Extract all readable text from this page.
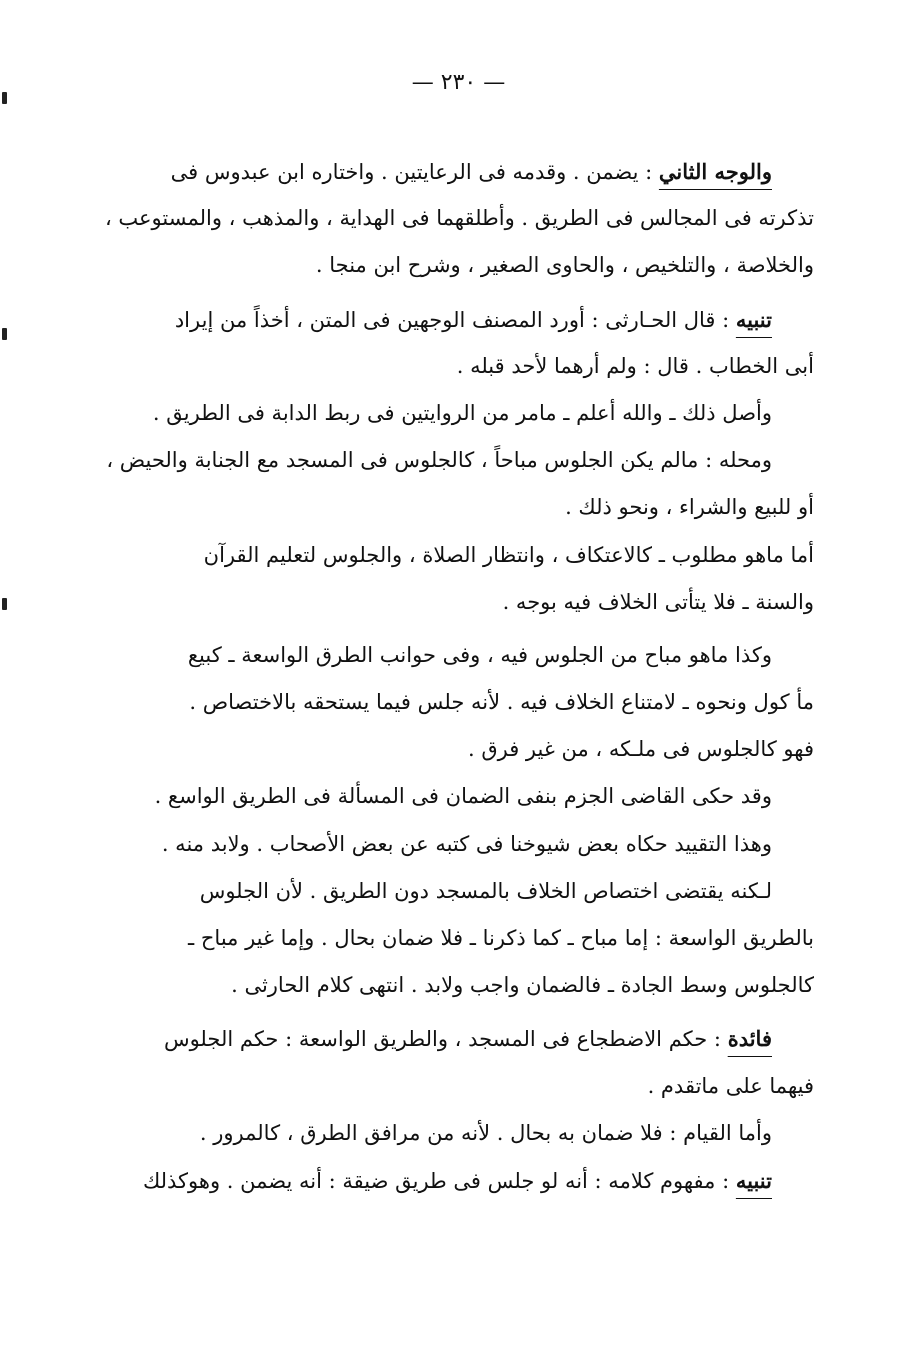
— ٢٣٠ —
والوجه الثاني : يضمن . وقدمه فى الرعايتين . واختاره ابن عبدوس فى
تذكرته فى المجالس فى الطريق . وأطلقهما فى الهداية ، والمذهب ، والمستوعب ،
والخلاصة ، والتلخيص ، والحاوى الصغير ، وشرح ابن منجا .
تنبيه : قال الحـارثى : أورد المصنف الوجهين فى المتن ، أخذاً من إيراد
أبى الخطاب . قال : ولم أرهما لأحد قبله .
وأصل ذلك ـ والله أعلم ـ مامر من الروايتين فى ربط الدابة فى الطريق .
ومحله : مالم يكن الجلوس مباحاً ، كالجلوس فى المسجد مع الجنابة والحيض ،
أو للبيع والشراء ، ونحو ذلك .
أما ماهو مطلوب ـ كالاعتكاف ، وانتظار الصلاة ، والجلوس لتعليم القرآن
والسنة ـ فلا يتأتى الخلاف فيه بوجه .
وكذا ماهو مباح من الجلوس فيه ، وفى حوانب الطرق الواسعة ـ كبيع
مأ كول ونحوه ـ لامتناع الخلاف فيه . لأنه جلس فيما يستحقه بالاختصاص .
فهو كالجلوس فى ملـكه ، من غير فرق .
وقد حكى القاضى الجزم بنفى الضمان فى المسألة فى الطريق الواسع .
وهذا التقييد حكاه بعض شيوخنا فى كتبه عن بعض الأصحاب . ولابد منه .
لـكنه يقتضى اختصاص الخلاف بالمسجد دون الطريق . لأن الجلوس
بالطريق الواسعة : إما مباح ـ كما ذكرنا ـ فلا ضمان بحال . وإما غير مباح ـ
كالجلوس وسط الجادة ـ فالضمان واجب ولابد . انتهى كلام الحارثى .
فائدة : حكم الاضطجاع فى المسجد ، والطريق الواسعة : حكم الجلوس
فيهما على ماتقدم .
وأما القيام : فلا ضمان به بحال . لأنه من مرافق الطرق ، كالمرور .
تنبيه : مفهوم كلامه : أنه لو جلس فى طريق ضيقة : أنه يضمن . وهوكذلك
